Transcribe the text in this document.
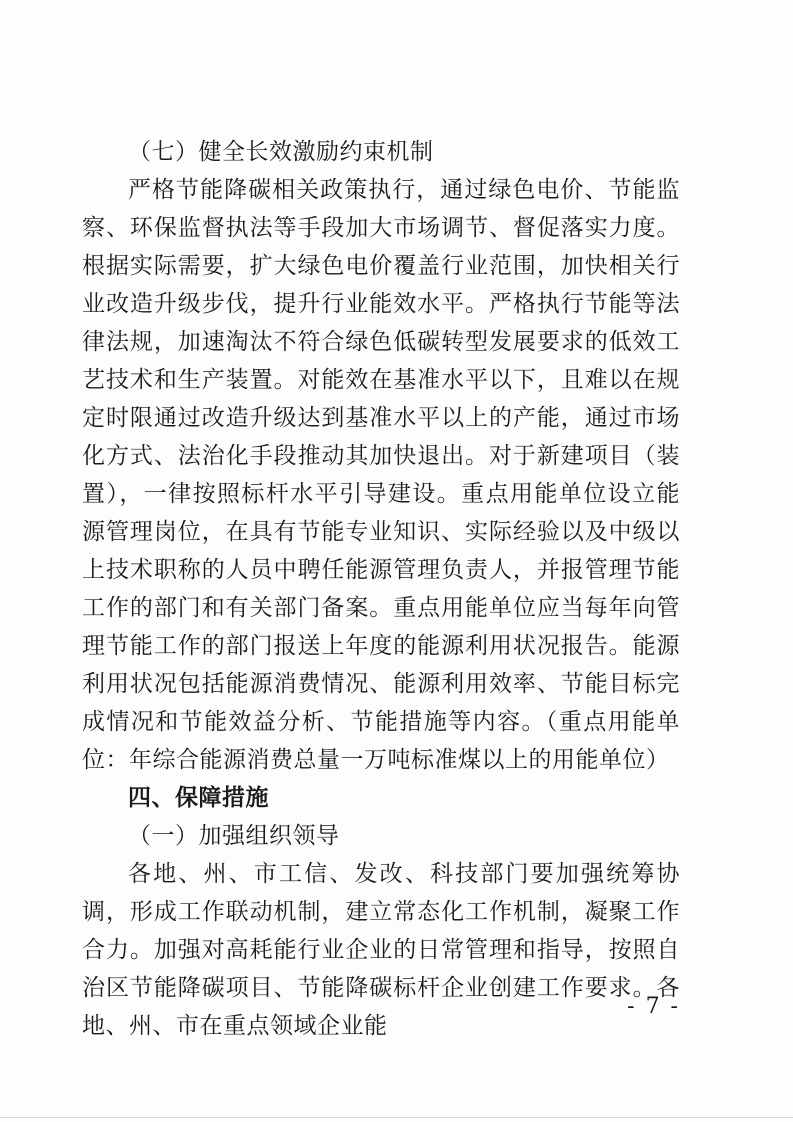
（七）健全长效激励约束机制

严格节能降碳相关政策执行，通过绿色电价、节能监察、环保监督执法等手段加大市场调节、督促落实力度。根据实际需要，扩大绿色电价覆盖行业范围，加快相关行业改造升级步伐，提升行业能效水平。严格执行节能等法律法规，加速淘汰不符合绿色低碳转型发展要求的低效工艺技术和生产装置。对能效在基准水平以下，且难以在规定时限通过改造升级达到基准水平以上的产能，通过市场化方式、法治化手段推动其加快退出。对于新建项目（装置），一律按照标杆水平引导建设。重点用能单位设立能源管理岗位，在具有节能专业知识、实际经验以及中级以上技术职称的人员中聘任能源管理负责人，并报管理节能工作的部门和有关部门备案。重点用能单位应当每年向管理节能工作的部门报送上年度的能源利用状况报告。能源利用状况包括能源消费情况、能源利用效率、节能目标完成情况和节能效益分析、节能措施等内容。（重点用能单位：年综合能源消费总量一万吨标准煤以上的用能单位）

四、保障措施

（一）加强组织领导

各地、州、市工信、发改、科技部门要加强统筹协调，形成工作联动机制，建立常态化工作机制，凝聚工作合力。加强对高耗能行业企业的日常管理和指导，按照自治区节能降碳项目、节能降碳标杆企业创建工作要求。各地、州、市在重点领域企业能

- 7 -
